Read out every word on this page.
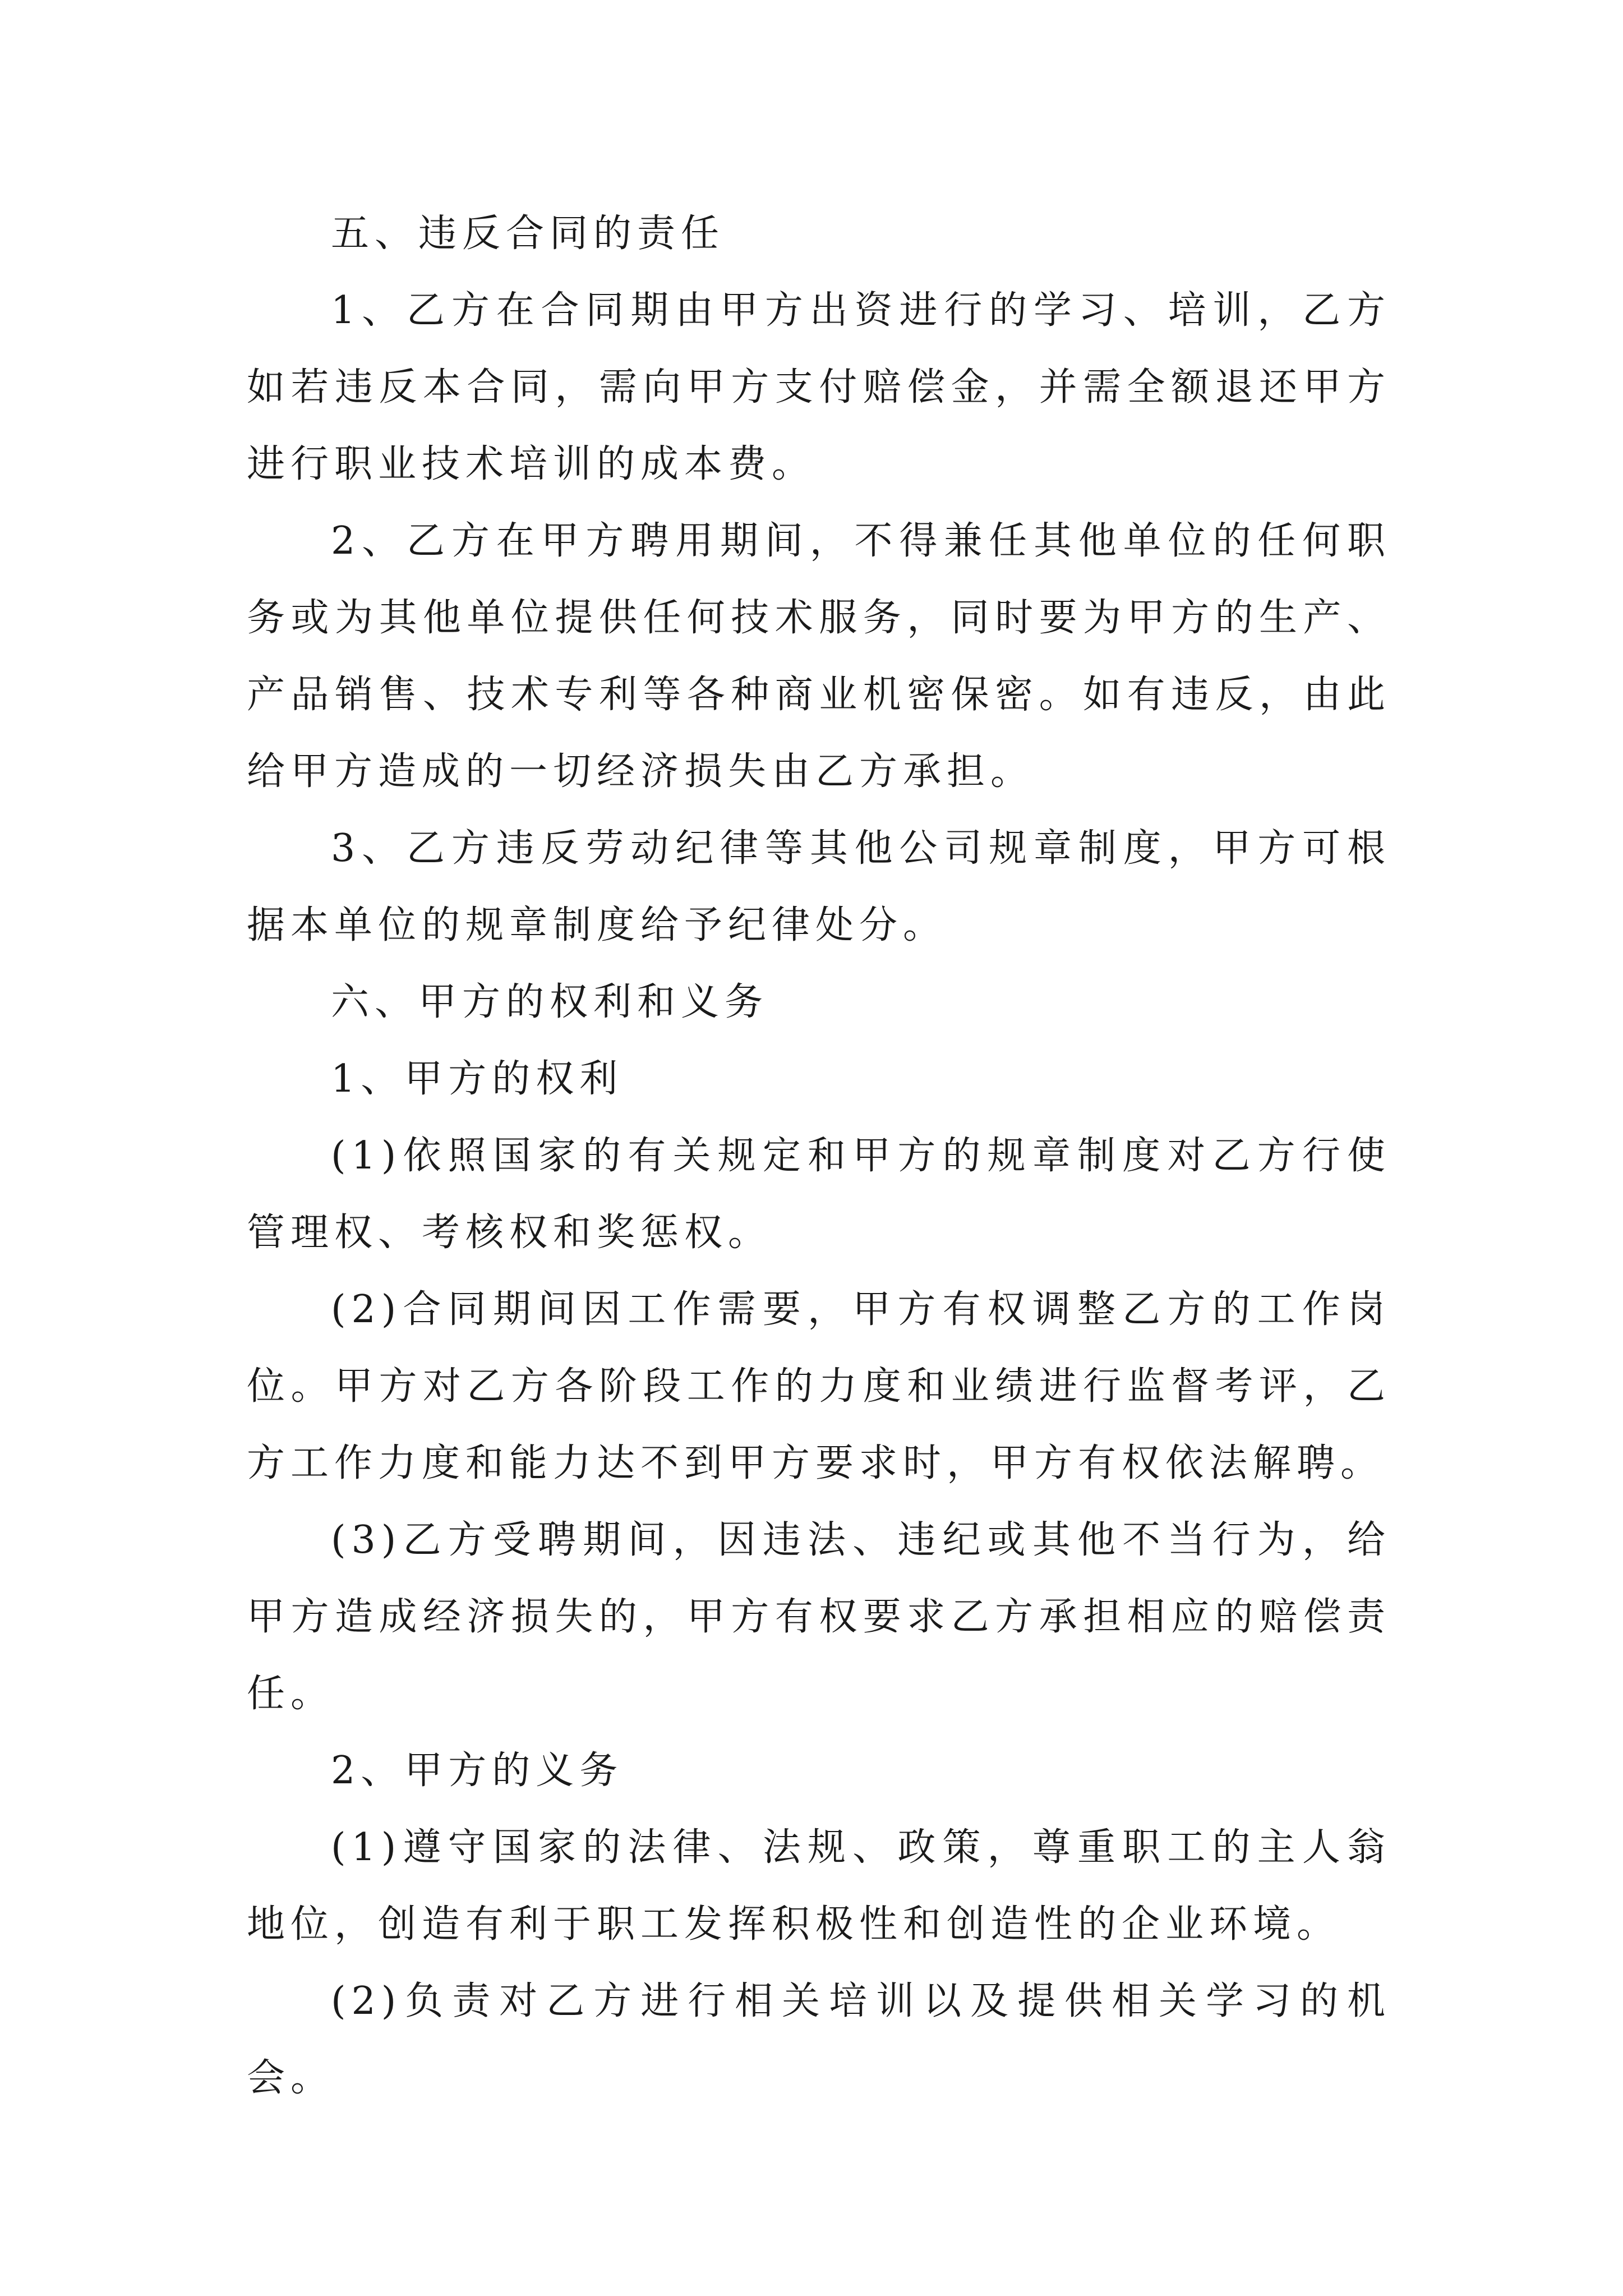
五、违反合同的责任

1、乙方在合同期由甲方出资进行的学习、培训，乙方如若违反本合同，需向甲方支付赔偿金，并需全额退还甲方进行职业技术培训的成本费。

2、乙方在甲方聘用期间，不得兼任其他单位的任何职务或为其他单位提供任何技术服务，同时要为甲方的生产、产品销售、技术专利等各种商业机密保密。如有违反，由此给甲方造成的一切经济损失由乙方承担。

3、乙方违反劳动纪律等其他公司规章制度，甲方可根据本单位的规章制度给予纪律处分。

六、甲方的权利和义务

1、甲方的权利

(1)依照国家的有关规定和甲方的规章制度对乙方行使管理权、考核权和奖惩权。

(2)合同期间因工作需要，甲方有权调整乙方的工作岗位。甲方对乙方各阶段工作的力度和业绩进行监督考评，乙方工作力度和能力达不到甲方要求时，甲方有权依法解聘。

(3)乙方受聘期间，因违法、违纪或其他不当行为，给甲方造成经济损失的，甲方有权要求乙方承担相应的赔偿责任。

2、甲方的义务

(1)遵守国家的法律、法规、政策，尊重职工的主人翁地位，创造有利于职工发挥积极性和创造性的企业环境。

(2)负责对乙方进行相关培训以及提供相关学习的机会。
